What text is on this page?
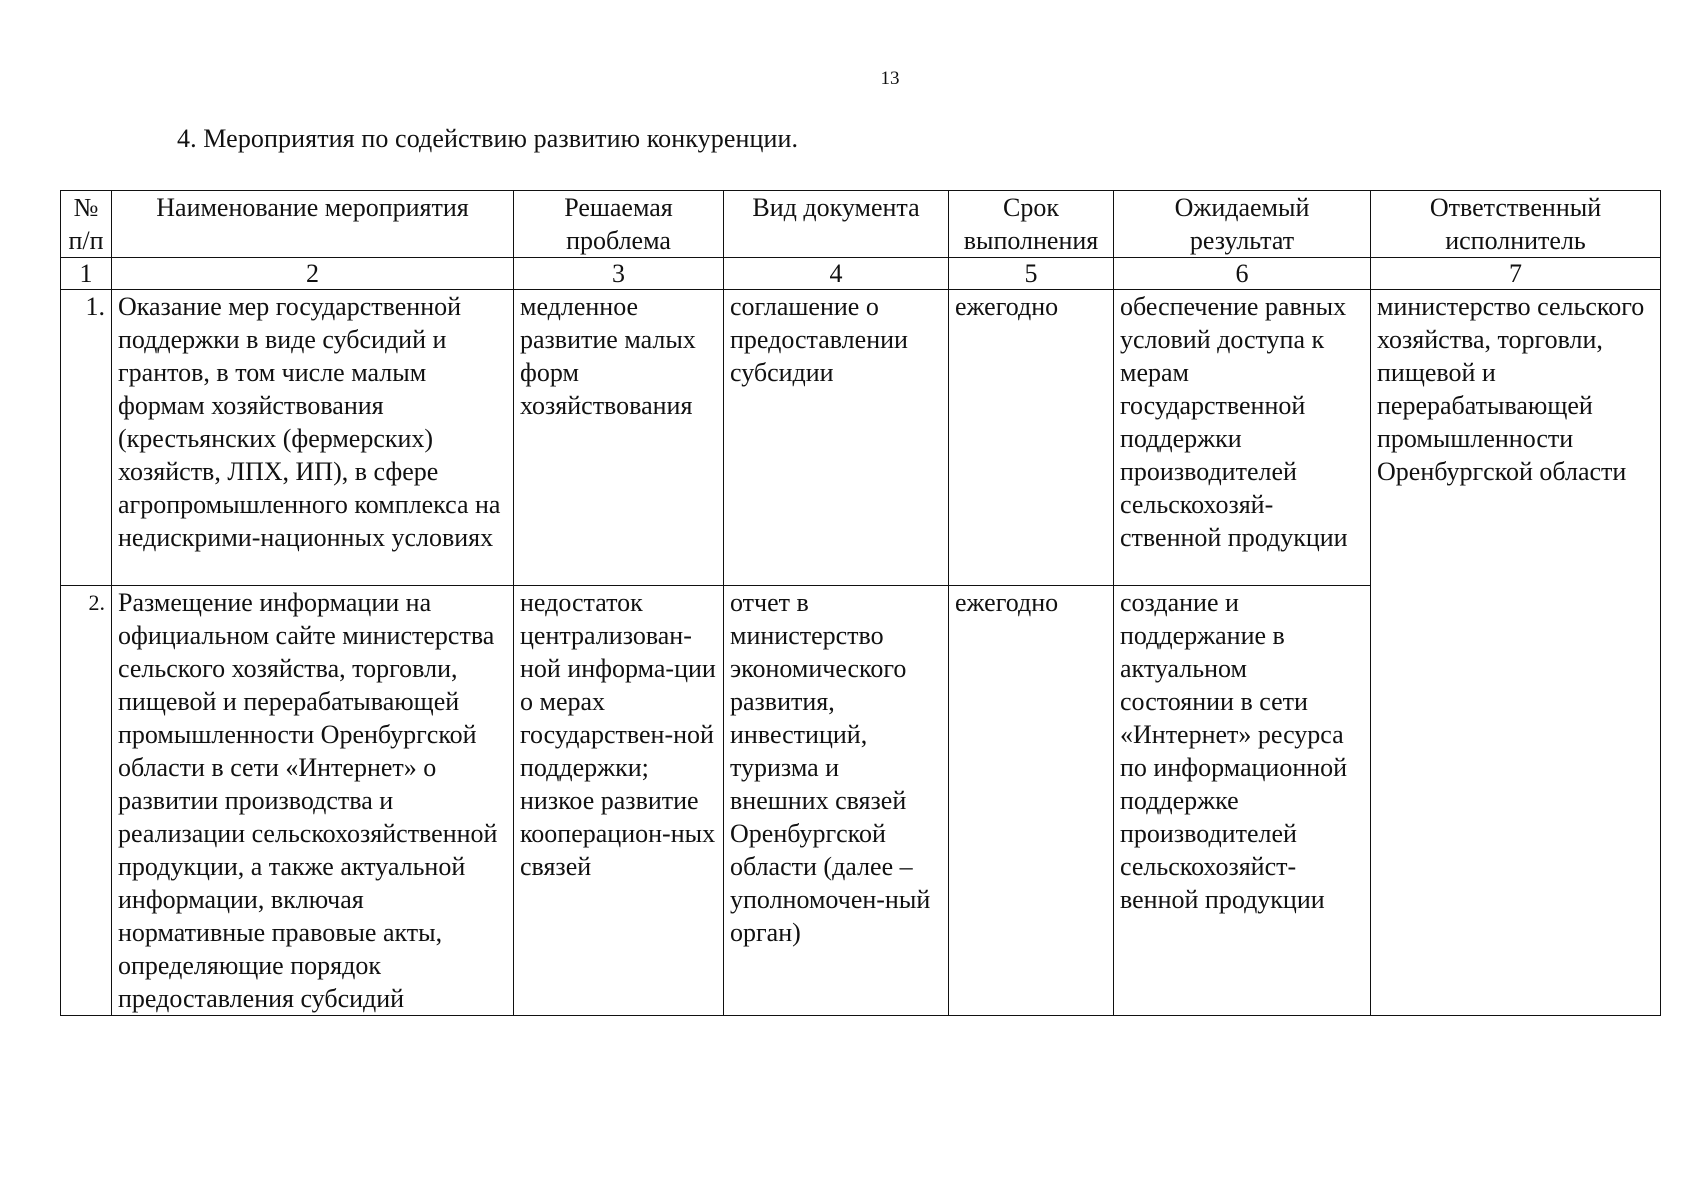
13
4. Мероприятия по содействию развитию конкуренции.
№ п/п	Наименование мероприятия	Решаемая проблема	Вид документа	Срок выполнения	Ожидаемый результат	Ответственный исполнитель
1	2	3	4	5	6	7
1.	Оказание мер государственной поддержки в виде субсидий и грантов, в том числе малым формам хозяйствования (крестьянских (фермерских) хозяйств, ЛПХ, ИП), в сфере агропромышленного комплекса на недискрими-национных условиях	медленное развитие малых форм хозяйствования	соглашение о предоставлении субсидии	ежегодно	обеспечение равных условий доступа к мерам государственной поддержки производителей сельскохозяй-ственной продукции	министерство сельского хозяйства, торговли, пищевой и перерабатывающей промышленности Оренбургской области
2.	Размещение информации на официальном сайте министерства сельского хозяйства, торговли, пищевой и перерабатывающей промышленности Оренбургской области в сети «Интернет» о развитии производства и реализации сельскохозяйственной продукции, а также актуальной информации, включая нормативные правовые акты, определяющие порядок предоставления субсидий	недостаток централизован-ной информа-ции о мерах государствен-ной поддержки; низкое развитие кооперацион-ных связей	отчет в министерство экономического развития, инвестиций, туризма и внешних связей Оренбургской области (далее – уполномочен-ный орган)	ежегодно	создание и поддержание в актуальном состоянии в сети «Интернет» ресурса по информационной поддержке производителей сельскохозяйст-венной продукции	
